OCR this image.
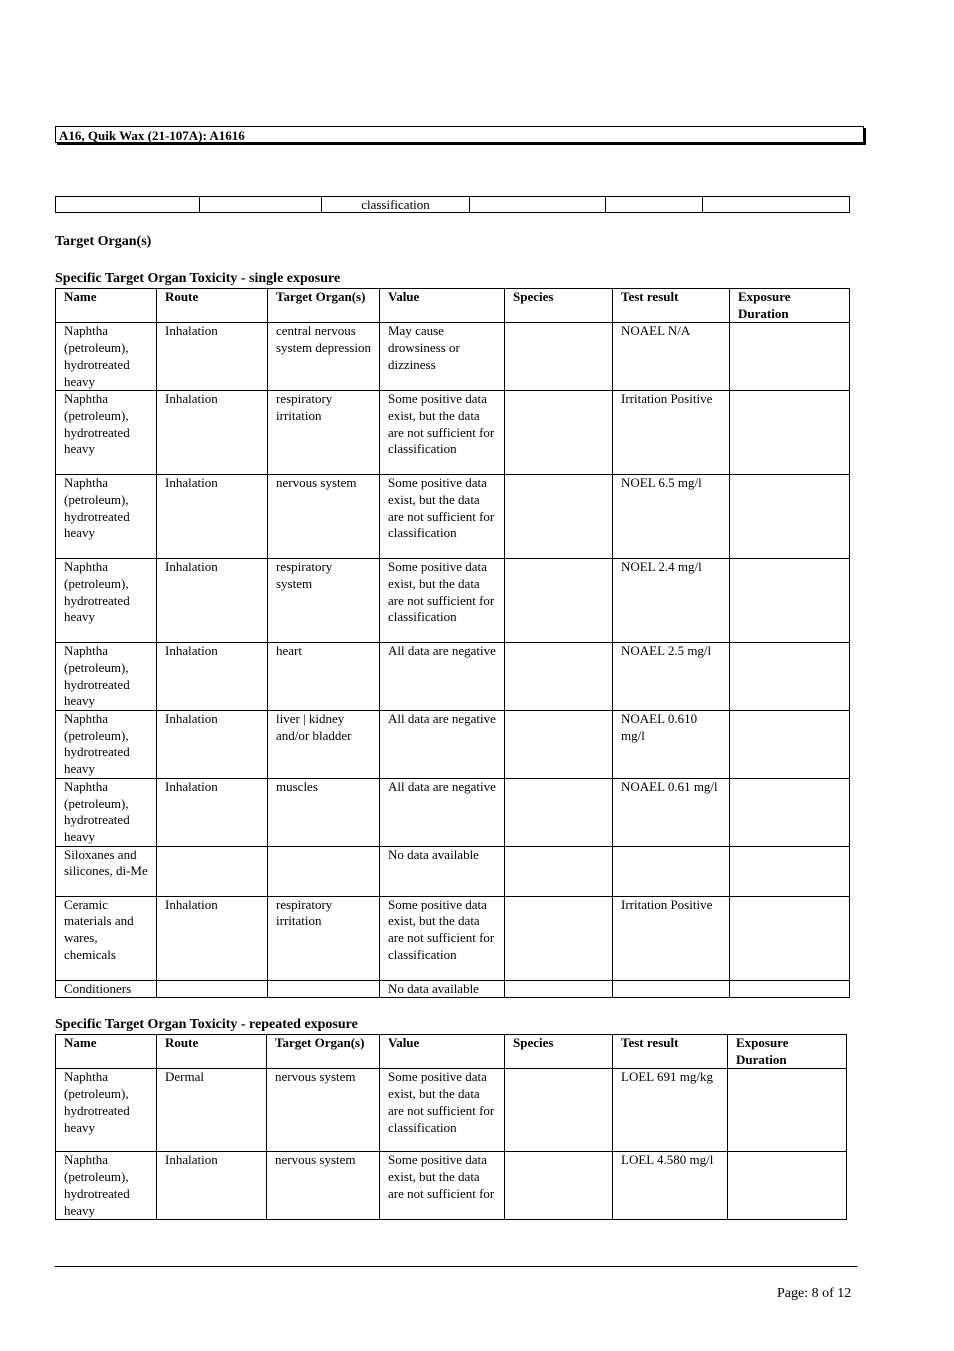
A16, Quik Wax (21-107A): A1616
		classification			
Target Organ(s)
Specific Target Organ Toxicity - single exposure
Name	Route	Target Organ(s)	Value	Species	Test result	Exposure Duration
Naphtha (petroleum), hydrotreated heavy	Inhalation	central nervous system depression	May cause drowsiness or dizziness		NOAEL N/A	
Naphtha (petroleum), hydrotreated heavy	Inhalation	respiratory irritation	Some positive data exist, but the data are not sufficient for classification		Irritation Positive	
Naphtha (petroleum), hydrotreated heavy	Inhalation	nervous system	Some positive data exist, but the data are not sufficient for classification		NOEL 6.5 mg/l	
Naphtha (petroleum), hydrotreated heavy	Inhalation	respiratory system	Some positive data exist, but the data are not sufficient for classification		NOEL 2.4 mg/l	
Naphtha (petroleum), hydrotreated heavy	Inhalation	heart	All data are negative		NOAEL 2.5 mg/l	
Naphtha (petroleum), hydrotreated heavy	Inhalation	liver | kidney and/or bladder	All data are negative		NOAEL 0.610 mg/l	
Naphtha (petroleum), hydrotreated heavy	Inhalation	muscles	All data are negative		NOAEL 0.61 mg/l	
Siloxanes and silicones, di-Me			No data available			
Ceramic materials and wares, chemicals	Inhalation	respiratory irritation	Some positive data exist, but the data are not sufficient for classification		Irritation Positive	
Conditioners			No data available			
Specific Target Organ Toxicity - repeated exposure
Name	Route	Target Organ(s)	Value	Species	Test result	Exposure Duration
Naphtha (petroleum), hydrotreated heavy	Dermal	nervous system	Some positive data exist, but the data are not sufficient for classification		LOEL 691 mg/kg	
Naphtha (petroleum), hydrotreated heavy	Inhalation	nervous system	Some positive data exist, but the data are not sufficient for		LOEL 4.580 mg/l	
Page: 8 of 12
